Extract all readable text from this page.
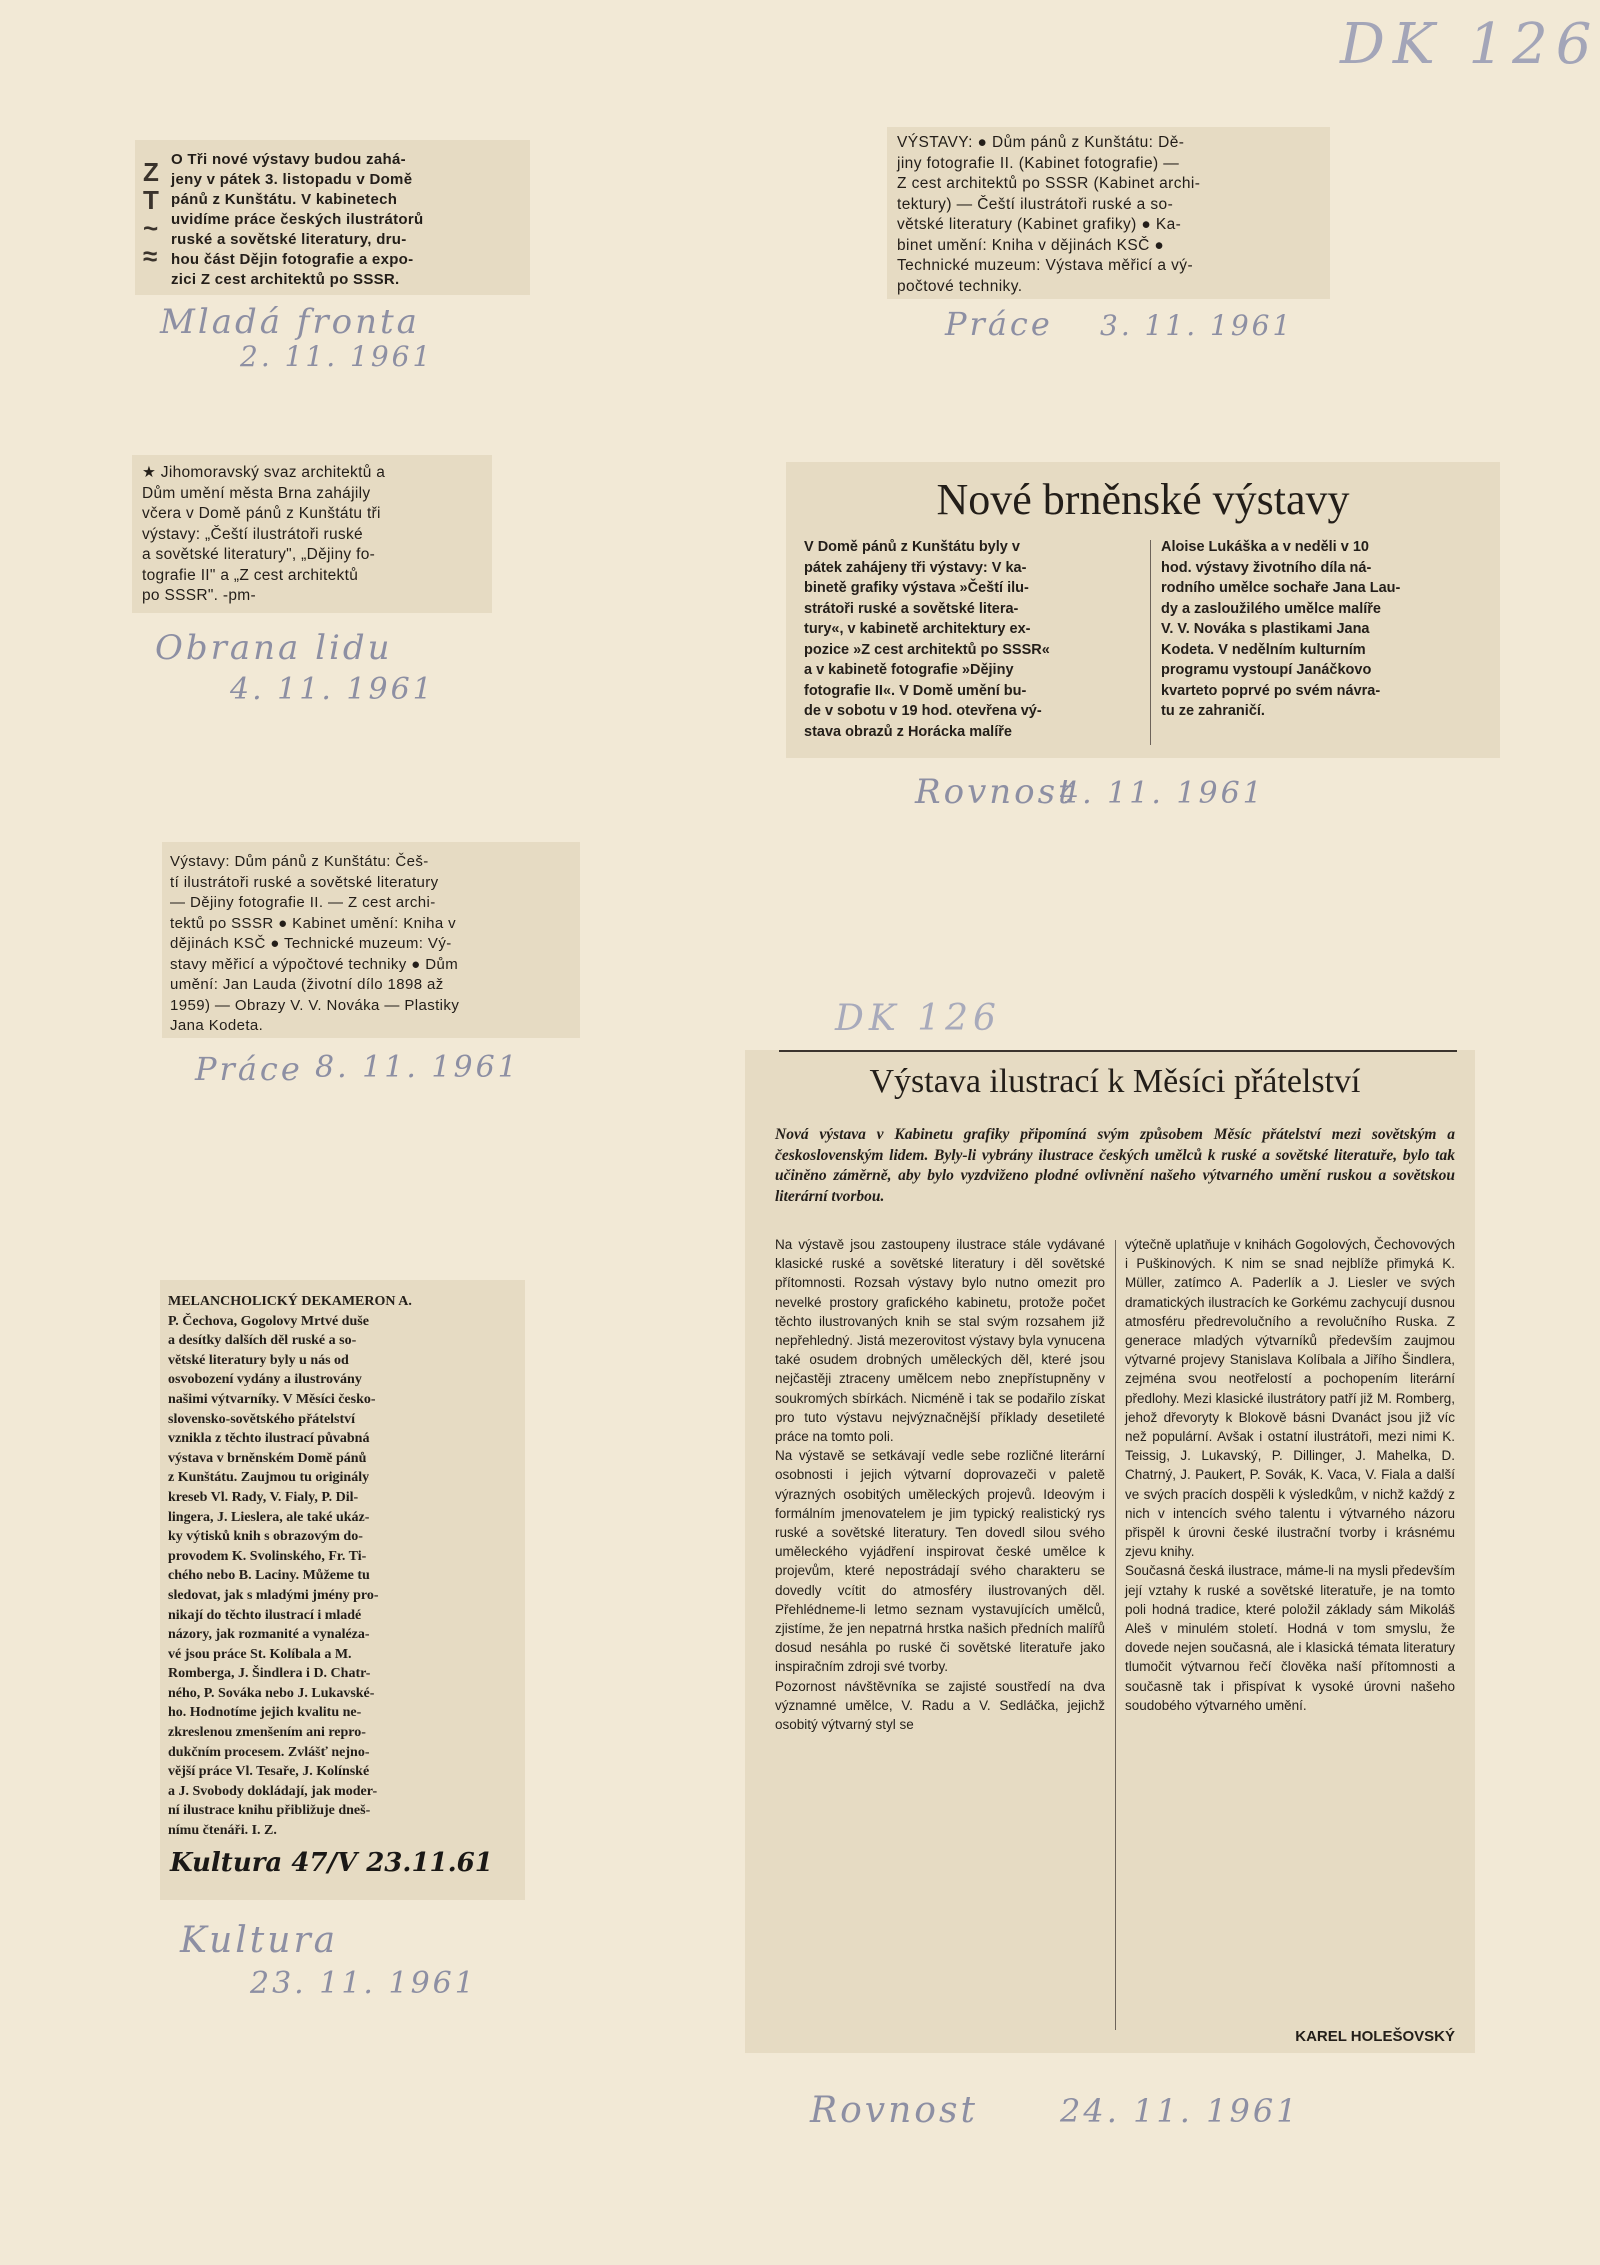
DK 126
Z
T
~
≈

O Tři nové výstavy budou zahá-
jeny v pátek 3. listopadu v Domě
pánů z Kunštátu. V kabinetech
uvidíme práce českých ilustrátorů
ruské a sovětské literatury, dru-
hou část Dějin fotografie a expo-
zici Z cest architektů po SSSR.

Mladá fronta
2. 11. 1961

VÝSTAVY: ● Dům pánů z Kunštátu: Dě-
jiny fotografie II. (Kabinet fotografie) —
Z cest architektů po SSSR (Kabinet archi-
tektury) — Čeští ilustrátoři ruské a so-
větské literatury (Kabinet grafiky) ● Ka-
binet umění: Kniha v dějinách KSČ ●
Technické muzeum: Výstava měřicí a vý-
počtové techniky.

Práce 3. 11. 1961

★ Jihomoravský svaz architektů a
Dům umění města Brna zahájily
včera v Domě pánů z Kunštátu tři
výstavy: „Čeští ilustrátoři ruské
a sovětské literatury", „Dějiny fo-
tografie II" a „Z cest architektů
po SSSR". -pm-

Obrana lidu
4. 11. 1961
Nové brněnské výstavy

V Domě pánů z Kunštátu byly v
pátek zahájeny tři výstavy: V ka-
binetě grafiky výstava »Čeští ilu-
strátoři ruské a sovětské litera-
tury«, v kabinetě architektury ex-
pozice »Z cest architektů po SSSR«
a v kabinetě fotografie »Dějiny
fotografie II«. V Domě umění bu-
de v sobotu v 19 hod. otevřena vý-
stava obrazů z Horácka malíře

Aloise Lukáška a v neděli v 10
hod. výstavy životního díla ná-
rodního umělce sochaře Jana Lau-
dy a zasloužilého umělce malíře
V. V. Nováka s plastikami Jana
Kodeta. V nedělním kulturním
programu vystoupí Janáčkovo
kvarteto poprvé po svém návra-
tu ze zahraničí.

Rovnost
4. 11. 1961

Výstavy: Dům pánů z Kunštátu: Češ-
tí ilustrátoři ruské a sovětské literatury
— Dějiny fotografie II. — Z cest archi-
tektů po SSSR ● Kabinet umění: Kniha v
dějinách KSČ ● Technické muzeum: Vý-
stavy měřicí a výpočtové techniky ● Dům
umění: Jan Lauda (životní dílo 1898 až
1959) — Obrazy V. V. Nováka — Plastiky
Jana Kodeta.

Práce 8. 11. 1961
DK 126

MELANCHOLICKÝ DEKAMERON A.
P. Čechova, Gogolovy Mrtvé duše
a desítky dalších děl ruské a so-
větské literatury byly u nás od
osvobození vydány a ilustrovány
našimi výtvarníky. V Měsíci česko-
slovensko-sovětského přátelství
vznikla z těchto ilustrací půvabná
výstava v brněnském Domě pánů
z Kunštátu. Zaujmou tu originály
kreseb Vl. Rady, V. Fialy, P. Dil-
lingera, J. Lieslera, ale také ukáz-
ky výtisků knih s obrazovým do-
provodem K. Svolinského, Fr. Ti-
chého nebo B. Laciny. Můžeme tu
sledovat, jak s mladými jmény pro-
nikají do těchto ilustrací i mladé
názory, jak rozmanité a vynaléza-
vé jsou práce St. Kolíbala a M.
Romberga, J. Šindlera i D. Chatr-
ného, P. Sováka nebo J. Lukavské-
ho. Hodnotíme jejich kvalitu ne-
zkreslenou zmenšením ani repro-
dukčním procesem. Zvlášť nejno-
vější práce Vl. Tesaře, J. Kolínské
a J. Svobody dokládají, jak moder-
ní ilustrace knihu přibližuje dneš-
nímu čtenáři. I. Z.

Kultura 47/V 23.11.61
Kultura
23. 11. 1961
Výstava ilustrací k Měsíci přátelství

Nová výstava v Kabinetu grafiky připomíná svým způsobem Měsíc přátelství mezi sovětským a československým lidem. Byly-li vybrány ilustrace českých umělců k ruské a sovětské literatuře, bylo tak učiněno záměrně, aby bylo vyzdviženo plodné ovlivnění našeho výtvarného umění ruskou a sovětskou literární tvorbou.

Na výstavě jsou zastoupeny ilustrace stále vydávané klasické ruské a sovětské literatury i děl sovětské přítomnosti. Rozsah výstavy bylo nutno omezit pro nevelké prostory grafického kabinetu, protože počet těchto ilustrovaných knih se stal svým rozsahem již nepřehledný. Jistá mezerovitost výstavy byla vynucena také osudem drobných uměleckých děl, které jsou nejčastěji ztraceny umělcem nebo znepřístupněny v soukromých sbírkách. Nicméně i tak se podařilo získat pro tuto výstavu nejvýznačnější příklady desetileté práce na tomto poli.
Na výstavě se setkávají vedle sebe rozličné literární osobnosti i jejich výtvarní doprovazeči v paletě výrazných osobitých uměleckých projevů. Ideovým i formálním jmenovatelem je jim typický realistický rys ruské a sovětské literatury. Ten dovedl silou svého uměleckého vyjádření inspirovat české umělce k projevům, které nepostrádají svého charakteru se dovedly vcítit do atmosféry ilustrovaných děl. Přehlédneme-li letmo seznam vystavujících umělců, zjistíme, že jen nepatrná hrstka našich předních malířů dosud nesáhla po ruské či sovětské literatuře jako inspiračním zdroji své tvorby.
Pozornost návštěvníka se zajisté soustředí na dva významné umělce, V. Radu a V. Sedláčka, jejichž osobitý výtvarný styl se

výtečně uplatňuje v knihách Gogolových, Čechovových i Puškinových. K nim se snad nejblíže přimyká K. Müller, zatímco A. Paderlík a J. Liesler ve svých dramatických ilustracích ke Gorkému zachycují dusnou atmosféru předrevolučního a revolučního Ruska. Z generace mladých výtvarníků především zaujmou výtvarné projevy Stanislava Kolíbala a Jiřího Šindlera, zejména svou neotřelostí a pochopením literární předlohy. Mezi klasické ilustrátory patří již M. Romberg, jehož dřevoryty k Blokově básni Dvanáct jsou již víc než populární. Avšak i ostatní ilustrátoři, mezi nimi K. Teissig, J. Lukavský, P. Dillinger, J. Mahelka, D. Chatrný, J. Paukert, P. Sovák, K. Vaca, V. Fiala a další ve svých pracích dospěli k výsledkům, v nichž každý z nich v intencích svého talentu i výtvarného názoru přispěl k úrovni české ilustrační tvorby i krásnému zjevu knihy.
Současná česká ilustrace, máme-li na mysli především její vztahy k ruské a sovětské literatuře, je na tomto poli hodná tradice, které položil základy sám Mikoláš Aleš v minulém století. Hodná v tom smyslu, že dovede nejen současná, ale i klasická témata literatury tlumočit výtvarnou řečí člověka naší přítomnosti a současně tak i přispívat k vysoké úrovni našeho soudobého výtvarného umění.

KAREL HOLEŠOVSKÝ
Rovnost	24. 11. 1961
